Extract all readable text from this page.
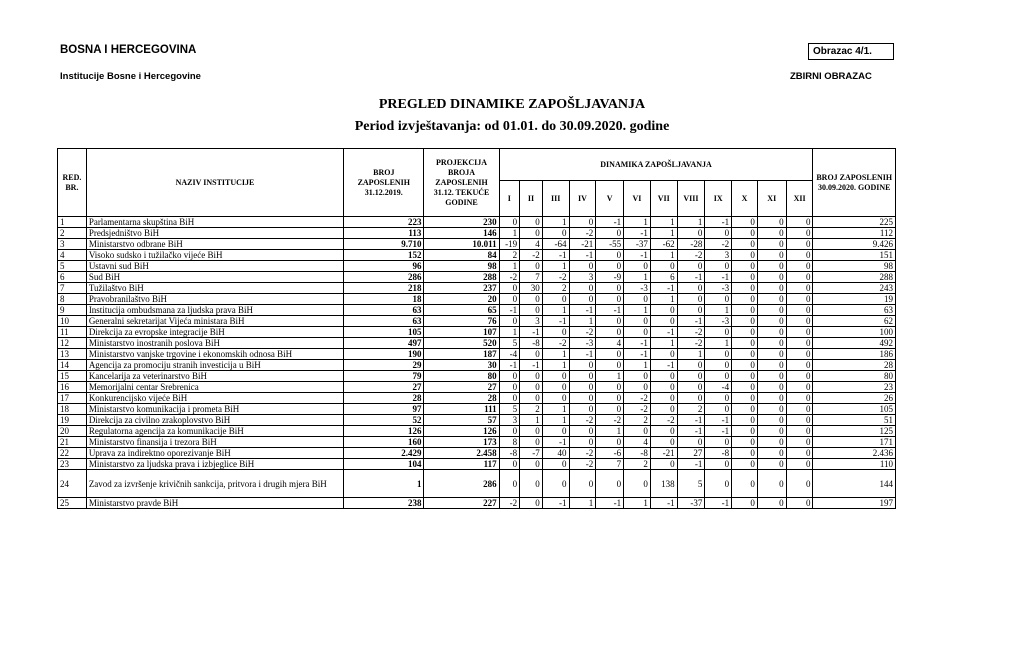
BOSNA I HERCEGOVINA
Institucije Bosne i Hercegovine
Obrazac 4/1.
ZBIRNI OBRAZAC
PREGLED DINAMIKE ZAPOŠLJAVANJA
Period izvještavanja: od 01.01. do 30.09.2020. godine
RED. BR.	NAZIV INSTITUCIJE	BROJ ZAPOSLENIH 31.12.2019.	PROJEKCIJA BROJA ZAPOSLENIH 31.12. TEKUĆE GODINE	DINAMIKA ZAPOŠLJAVANJA												BROJ ZAPOSLENIH 30.09.2020. GODINE
				I	II	III	IV	V	VI	VII	VIII	IX	X	XI	XII	
1	Parlamentarna skupština BiH	223	230	0	0	1	0	-1	1	1	1	-1	0	0	0	225
2	Predsjedništvo BiH	113	146	1	0	0	-2	0	-1	1	0	0	0	0	0	112
3	Ministarstvo odbrane BiH	9.710	10.011	-19	4	-64	-21	-55	-37	-62	-28	-2	0	0	0	9.426
4	Visoko sudsko i tužilačko vijeće BiH	152	84	2	-2	-1	-1	0	-1	1	-2	3	0	0	0	151
5	Ustavni sud BiH	96	98	1	0	1	0	0	0	0	0	0	0	0	0	98
6	Sud BiH	286	288	-2	7	-2	3	-9	1	6	-1	-1	0	0	0	288
7	Tužilaštvo BiH	218	237	0	30	2	0	0	-3	-1	0	-3	0	0	0	243
8	Pravobranilaštvo BiH	18	20	0	0	0	0	0	0	1	0	0	0	0	0	19
9	Institucija ombudsmana za ljudska prava BiH	63	65	-1	0	1	-1	-1	1	0	0	1	0	0	0	63
10	Generalni sekretarijat Vijeća ministara BiH	63	76	0	3	-1	1	0	0	0	-1	-3	0	0	0	62
11	Direkcija za evropske integracije BiH	105	107	1	-1	0	-2	0	0	-1	-2	0	0	0	0	100
12	Ministarstvo inostranih poslova BiH	497	520	5	-8	-2	-3	4	-1	1	-2	1	0	0	0	492
13	Ministarstvo vanjske trgovine i ekonomskih odnosa BiH	190	187	-4	0	1	-1	0	-1	0	1	0	0	0	0	186
14	Agencija za promociju stranih investicija u BiH	29	30	-1	-1	1	0	0	1	-1	0	0	0	0	0	28
15	Kancelarija za veterinarstvo BiH	79	80	0	0	0	0	1	0	0	0	0	0	0	0	80
16	Memorijalni centar Srebrenica	27	27	0	0	0	0	0	0	0	0	-4	0	0	0	23
17	Konkurencijsko vijeće BiH	28	28	0	0	0	0	0	-2	0	0	0	0	0	0	26
18	Ministarstvo komunikacija i prometa BiH	97	111	5	2	1	0	0	-2	0	2	0	0	0	0	105
19	Direkcija za civilno zrakoplovstvo BiH	52	57	3	1	1	-2	-2	2	-2	-1	-1	0	0	0	51
20	Regulatorna agencija za komunikacije BiH	126	126	0	0	0	0	1	0	0	-1	-1	0	0	0	125
21	Ministarstvo finansija i trezora BiH	160	173	8	0	-1	0	0	4	0	0	0	0	0	0	171
22	Uprava za indirektno oporezivanje BiH	2.429	2.458	-8	-7	40	-2	-6	-8	-21	27	-8	0	0	0	2.436
23	Ministarstvo za ljudska prava i izbjeglice BiH	104	117	0	0	0	-2	7	2	0	-1	0	0	0	0	110
24	Zavod za izvršenje krivičnih sankcija, pritvora i drugih mjera BiH	1	286	0	0	0	0	0	0	138	5	0	0	0	0	144
25	Ministarstvo pravde BiH	238	227	-2	0	-1	1	-1	1	-1	-37	-1	0	0	0	197
